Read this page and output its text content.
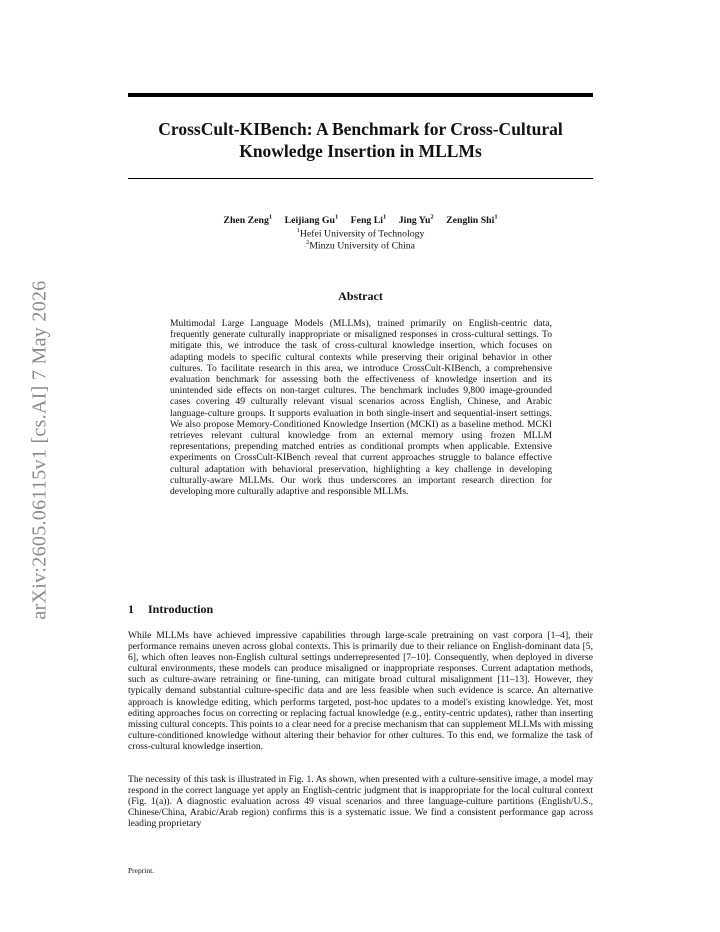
arXiv:2605.06115v1 [cs.AI] 7 May 2026
CrossCult-KIBench: A Benchmark for Cross-Cultural Knowledge Insertion in MLLMs
Zhen Zeng$^1$ Leijiang Gu$^1$ Feng Li$^1$ Jing Yu$^2$ Zenglin Shi$^1$
$^1$Hefei University of Technology
$^2$Minzu University of China
Abstract
Multimodal Large Language Models (MLLMs), trained primarily on English-centric data, frequently generate culturally inappropriate or misaligned responses in cross-cultural settings. To mitigate this, we introduce the task of cross-cultural knowledge insertion, which focuses on adapting models to specific cultural contexts while preserving their original behavior in other cultures. To facilitate research in this area, we introduce CrossCult-KIBench, a comprehensive evaluation benchmark for assessing both the effectiveness of knowledge insertion and its unintended side effects on non-target cultures. The benchmark includes 9,800 image-grounded cases covering 49 culturally relevant visual scenarios across English, Chinese, and Arabic language-culture groups. It supports evaluation in both single-insert and sequential-insert settings. We also propose Memory-Conditioned Knowledge Insertion (MCKI) as a baseline method. MCKI retrieves relevant cultural knowledge from an external memory using frozen MLLM representations, prepending matched entries as conditional prompts when applicable. Extensive experiments on CrossCult-KIBench reveal that current approaches struggle to balance effective cultural adaptation with behavioral preservation, highlighting a key challenge in developing culturally-aware MLLMs. Our work thus underscores an important research direction for developing more culturally adaptive and responsible MLLMs.
1 Introduction

While MLLMs have achieved impressive capabilities through large-scale pretraining on vast corpora [1–4], their performance remains uneven across global contexts. This is primarily due to their reliance on English-dominant data [5, 6], which often leaves non-English cultural settings underrepresented [7–10]. Consequently, when deployed in diverse cultural environments, these models can produce misaligned or inappropriate responses. Current adaptation methods, such as culture-aware retraining or fine-tuning, can mitigate broad cultural misalignment [11–13]. However, they typically demand substantial culture-specific data and are less feasible when such evidence is scarce. An alternative approach is knowledge editing, which performs targeted, post-hoc updates to a model's existing knowledge. Yet, most editing approaches focus on correcting or replacing factual knowledge (e.g., entity-centric updates), rather than inserting missing cultural concepts. This points to a clear need for a precise mechanism that can supplement MLLMs with missing culture-conditioned knowledge without altering their behavior for other cultures. To this end, we formalize the task of cross-cultural knowledge insertion.

The necessity of this task is illustrated in Fig. 1. As shown, when presented with a culture-sensitive image, a model may respond in the correct language yet apply an English-centric judgment that is inappropriate for the local cultural context (Fig. 1(a)). A diagnostic evaluation across 49 visual scenarios and three language-culture partitions (English/U.S., Chinese/China, Arabic/Arab region) confirms this is a systematic issue. We find a consistent performance gap across leading proprietary

Preprint.
